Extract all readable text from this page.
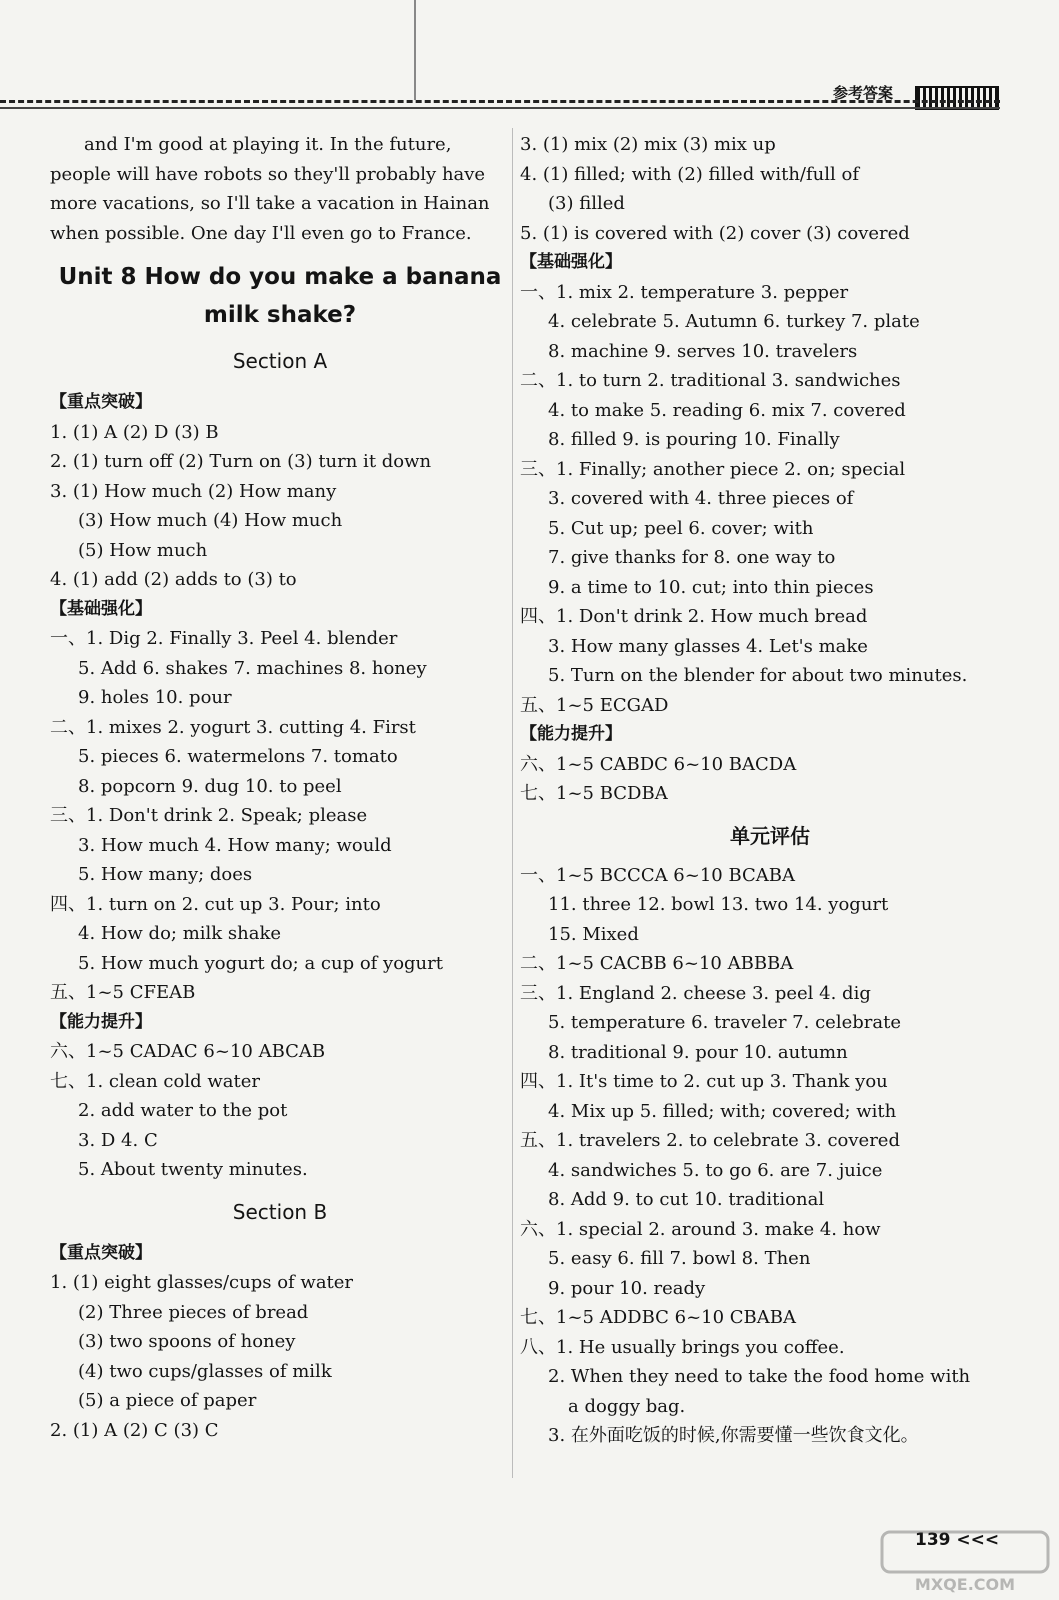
参考答案
and I'm good at playing it. In the future,
people will have robots so they'll probably have
more vacations, so I'll take a vacation in Hainan
when possible. One day I'll even go to France.
Unit 8 How do you make a banana
milk shake?
Section A
【重点突破】
1. (1) A (2) D (3) B
2. (1) turn off (2) Turn on (3) turn it down
3. (1) How much (2) How many
(3) How much (4) How much
(5) How much
4. (1) add (2) adds to (3) to
【基础强化】
一、1. Dig 2. Finally 3. Peel 4. blender
5. Add 6. shakes 7. machines 8. honey
9. holes 10. pour
二、1. mixes 2. yogurt 3. cutting 4. First
5. pieces 6. watermelons 7. tomato
8. popcorn 9. dug 10. to peel
三、1. Don't drink 2. Speak; please
3. How much 4. How many; would
5. How many; does
四、1. turn on 2. cut up 3. Pour; into
4. How do; milk shake
5. How much yogurt do; a cup of yogurt
五、1~5 CFEAB
【能力提升】
六、1~5 CADAC 6~10 ABCAB
七、1. clean cold water
2. add water to the pot
3. D 4. C
5. About twenty minutes.
Section B
【重点突破】
1. (1) eight glasses/cups of water
(2) Three pieces of bread
(3) two spoons of honey
(4) two cups/glasses of milk
(5) a piece of paper
2. (1) A (2) C (3) C
3. (1) mix (2) mix (3) mix up
4. (1) filled; with (2) filled with/full of
(3) filled
5. (1) is covered with (2) cover (3) covered
【基础强化】
一、1. mix 2. temperature 3. pepper
4. celebrate 5. Autumn 6. turkey 7. plate
8. machine 9. serves 10. travelers
二、1. to turn 2. traditional 3. sandwiches
4. to make 5. reading 6. mix 7. covered
8. filled 9. is pouring 10. Finally
三、1. Finally; another piece 2. on; special
3. covered with 4. three pieces of
5. Cut up; peel 6. cover; with
7. give thanks for 8. one way to
9. a time to 10. cut; into thin pieces
四、1. Don't drink 2. How much bread
3. How many glasses 4. Let's make
5. Turn on the blender for about two minutes.
五、1~5 ECGAD
【能力提升】
六、1~5 CABDC 6~10 BACDA
七、1~5 BCDBA
单元评估
一、1~5 BCCCA 6~10 BCABA
11. three 12. bowl 13. two 14. yogurt
15. Mixed
二、1~5 CACBB 6~10 ABBBA
三、1. England 2. cheese 3. peel 4. dig
5. temperature 6. traveler 7. celebrate
8. traditional 9. pour 10. autumn
四、1. It's time to 2. cut up 3. Thank you
4. Mix up 5. filled; with; covered; with
五、1. travelers 2. to celebrate 3. covered
4. sandwiches 5. to go 6. are 7. juice
8. Add 9. to cut 10. traditional
六、1. special 2. around 3. make 4. how
5. easy 6. fill 7. bowl 8. Then
9. pour 10. ready
七、1~5 ADDBC 6~10 CBABA
八、1. He usually brings you coffee.
2. When they need to take the food home with
a doggy bag.
3. 在外面吃饭的时候,你需要懂一些饮食文化。
139 <<<
MXQE.COM
